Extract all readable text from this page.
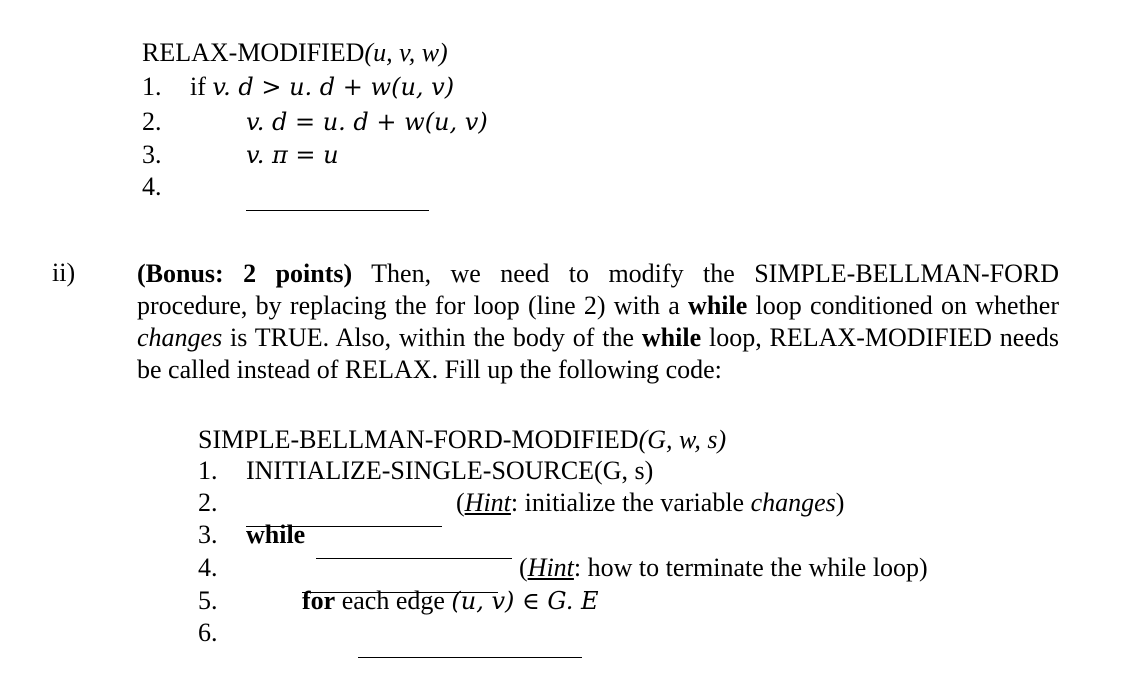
RELAX-MODIFIED(u, v, w)
1. if v. d > u. d + w(u, v)
2.	v. d = u. d + w(u, v)
3.	v. π = u
4.
ii) (Bonus: 2 points) Then, we need to modify the SIMPLE-BELLMAN-FORD procedure, by replacing the for loop (line 2) with a while loop conditioned on whether changes is TRUE. Also, within the body of the while loop, RELAX-MODIFIED needs be called instead of RELAX. Fill up the following code:
SIMPLE-BELLMAN-FORD-MODIFIED(G, w, s)
1. INITIALIZE-SINGLE-SOURCE(G, s)
2.	(Hint: initialize the variable changes)
3. while
4.	(Hint: how to terminate the while loop)
5.	for each edge (u, v) ∈ G. E
6.
